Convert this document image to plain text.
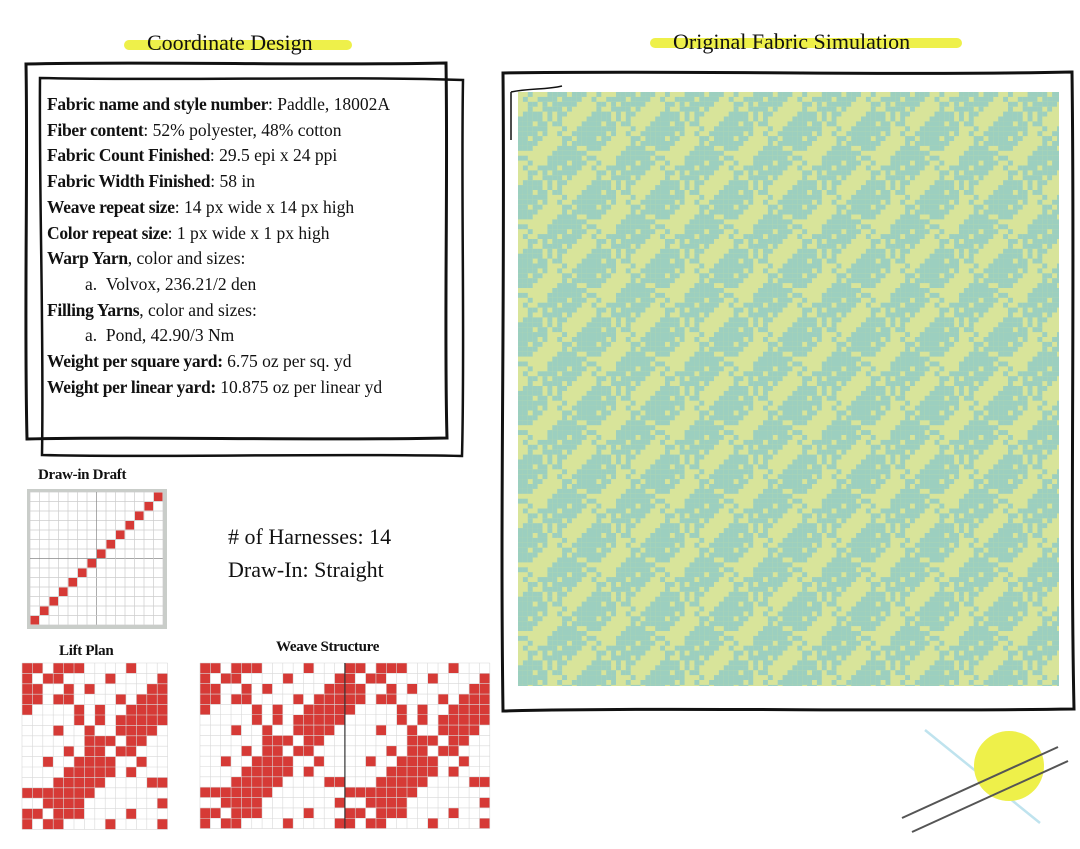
Coordinate Design	Original Fabric Simulation
Fabric name and style number: Paddle, 18002A
Fiber content: 52% polyester, 48% cotton
Fabric Count Finished: 29.5 epi x 24 ppi
Fabric Width Finished: 58 in
Weave repeat size: 14 px wide x 14 px high
Color repeat size: 1 px wide x 1 px high
Warp Yarn, color and sizes:
a.  Volvox, 236.21/2 den
Filling Yarns, color and sizes:
a.  Pond, 42.90/3 Nm
Weight per square yard: 6.75 oz per sq. yd
Weight per linear yard: 10.875 oz per linear yd
Draw-in Draft
# of Harnesses: 14
Draw-In: Straight
Lift Plan	Weave Structure
